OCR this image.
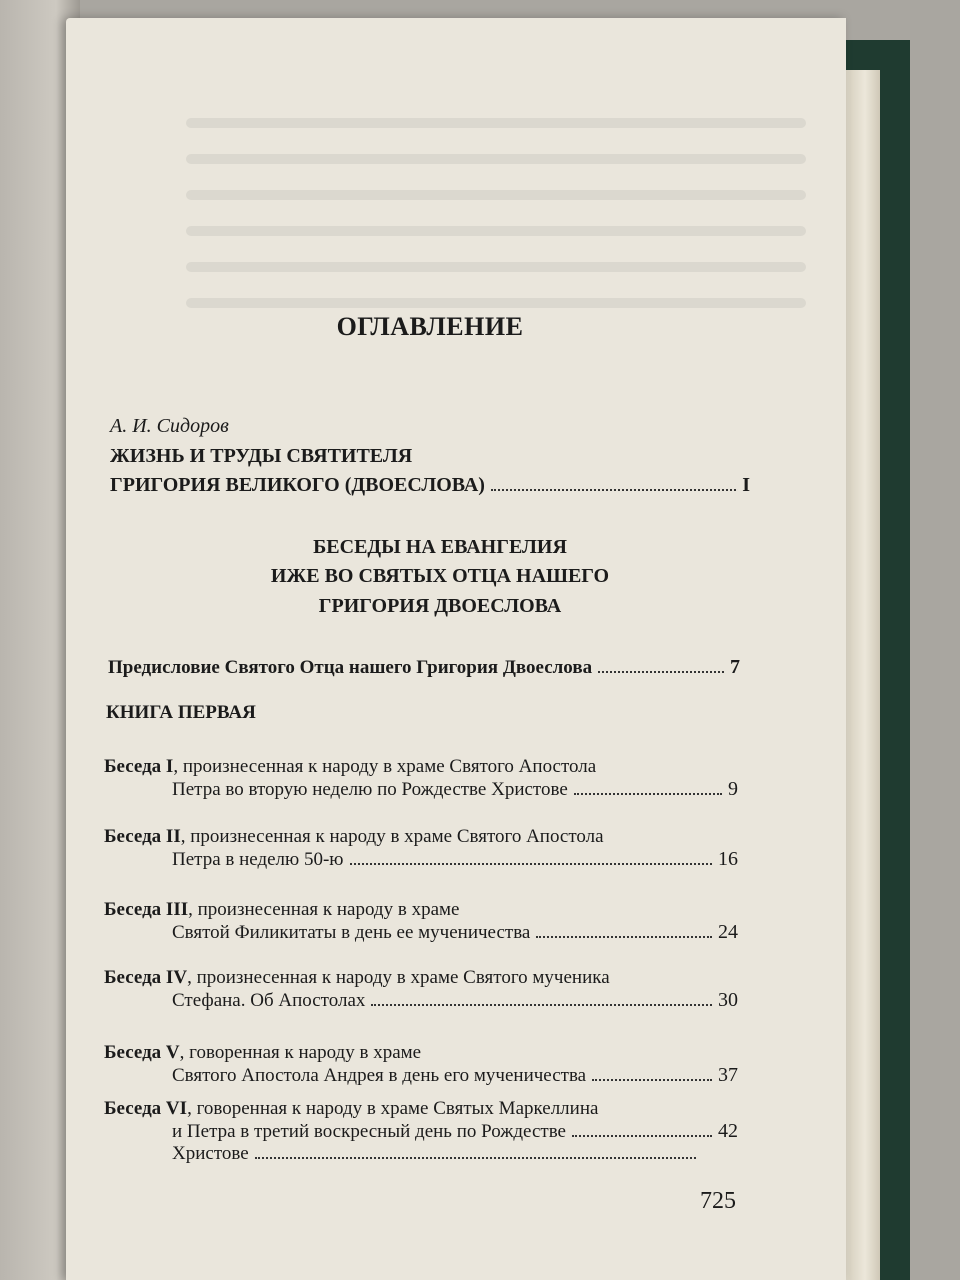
ОГЛАВЛЕНИЕ
А. И. Сидоров
ЖИЗНЬ И ТРУДЫ СВЯТИТЕЛЯ
ГРИГОРИЯ ВЕЛИКОГО (ДВОЕСЛОВА)	I
БЕСЕДЫ НА ЕВАНГЕЛИЯ
ИЖЕ ВО СВЯТЫХ ОТЦА НАШЕГО
ГРИГОРИЯ ДВОЕСЛОВА
Предисловие Святого Отца нашего Григория Двоеслова	7
КНИГА ПЕРВАЯ
Беседа I, произнесенная к народу в храме Святого Апостола
Петра во вторую неделю по Рождестве Христове	9
Беседа II, произнесенная к народу в храме Святого Апостола
Петра в неделю 50-ю	16
Беседа III, произнесенная к народу в храме
Святой Филикитаты в день ее мученичества	24
Беседа IV, произнесенная к народу в храме Святого мученика
Стефана. Об Апостолах	30
Беседа V, говоренная к народу в храме
Святого Апостола Андрея в день его мученичества	37
Беседа VI, говоренная к народу в храме Святых Маркеллина
и Петра в третий воскресный день по Рождестве	42
Христове
725
